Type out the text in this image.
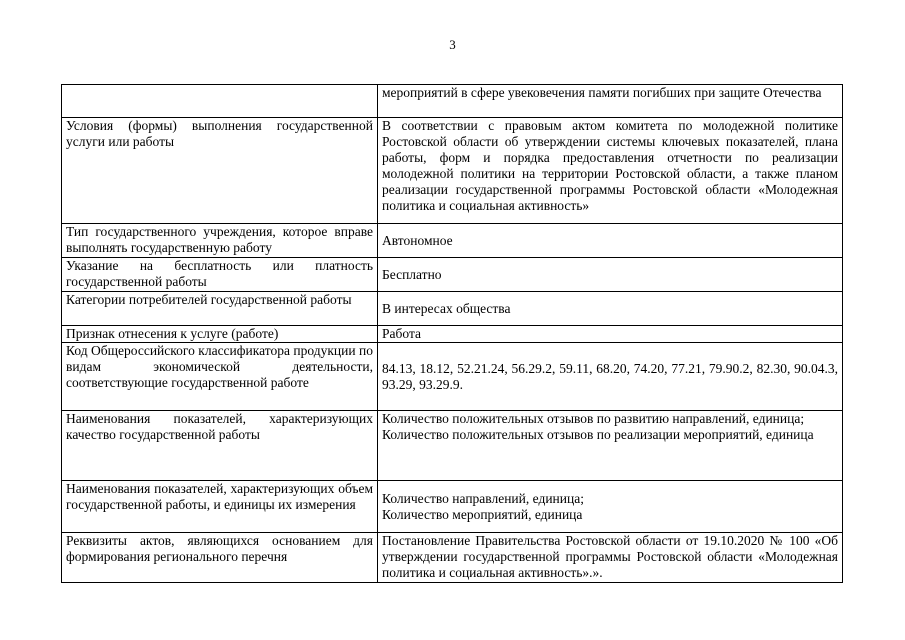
3
	мероприятий в сфере увековечения памяти погибших при защите Отечества
Условия (формы) выполнения государственной услуги или работы	В соответствии с правовым актом комитета по молодежной политике Ростовской области об утверждении системы ключевых показателей, плана работы, форм и порядка предоставления отчетности по реализации молодежной политики на территории Ростовской области, а также планом реализации государственной программы Ростовской области «Молодежная политика и социальная активность»
Тип государственного учреждения, которое вправе выполнять государственную работу	Автономное
Указание на бесплатность или платность государственной работы	Бесплатно
Категории потребителей государственной работы	В интересах общества
Признак отнесения к услуге (работе)	Работа
Код Общероссийского классификатора продукции по видам экономической деятельности, соответствующие государственной работе	84.13, 18.12, 52.21.24, 56.29.2, 59.11, 68.20, 74.20, 77.21, 79.90.2, 82.30, 90.04.3, 93.29, 93.29.9.
Наименования показателей, характеризующих качество государственной работы	Количество положительных отзывов по развитию направлений, единица;
Количество положительных отзывов по реализации мероприятий, единица

Наименования показателей, характеризующих объем государственной работы, и единицы их измерения	Количество направлений, единица;
Количество мероприятий, единица

Реквизиты актов, являющихся основанием для формирования регионального перечня	Постановление Правительства Ростовской области от 19.10.2020 № 100 «Об утверждении государственной программы Ростовской области «Молодежная политика и социальная активность».».
